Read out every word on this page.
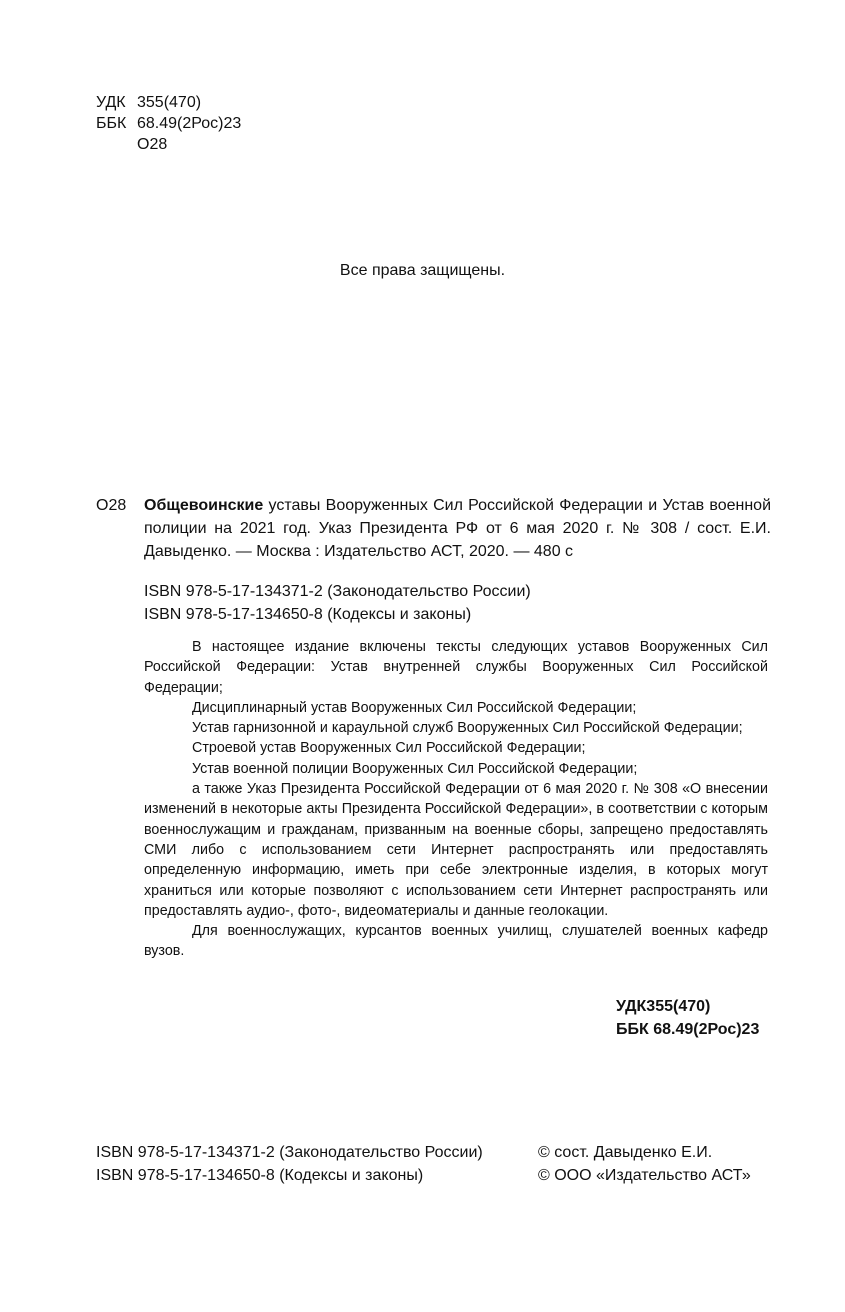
УДК 355(470)
ББК 68.49(2Рос)23
О28
Все права защищены.
О28 Общевоинские уставы Вооруженных Сил Российской Федерации и Устав военной полиции на 2021 год. Указ Президента РФ от 6 мая 2020 г. № 308 / сост. Е.И. Давыденко. — Москва : Издательство АСТ, 2020. — 480 с
ISBN 978-5-17-134371-2 (Законодательство России)
ISBN 978-5-17-134650-8 (Кодексы и законы)

В настоящее издание включены тексты следующих уставов Вооруженных Сил Российской Федерации: Устав внутренней службы Вооруженных Сил Российской Федерации;

Дисциплинарный устав Вооруженных Сил Российской Федерации;

Устав гарнизонной и караульной служб Вооруженных Сил Российской Федерации;

Строевой устав Вооруженных Сил Российской Федерации;

Устав военной полиции Вооруженных Сил Российской Федерации;

а также Указ Президента Российской Федерации от 6 мая 2020 г. № 308 «О внесении изменений в некоторые акты Президента Российской Федерации», в соответствии с которым военнослужащим и гражданам, призванным на военные сборы, запрещено предоставлять СМИ либо с использованием сети Интернет распространять или предоставлять определенную информацию, иметь при себе электронные изделия, в которых могут храниться или которые позволяют с использованием сети Интернет распространять или предоставлять аудио-, фото-, видеоматериалы и данные геолокации.

Для военнослужащих, курсантов военных училищ, слушателей военных кафедр вузов.

УДК355(470)
ББК 68.49(2Рос)23
ISBN 978-5-17-134371-2 (Законодательство России)
ISBN 978-5-17-134650-8 (Кодексы и законы)
© сост. Давыденко Е.И.
© ООО «Издательство АСТ»
